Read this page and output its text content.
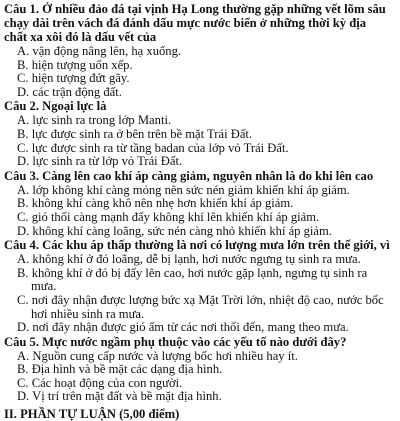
Câu 1. Ở nhiều đảo đá tại vịnh Hạ Long thường gặp những vết lõm sâu chạy dài trên vách đá đánh dấu mực nước biển ở những thời kỳ địa chất xa xôi đó là dấu vết của
A. vận động nâng lên, hạ xuống.
B. hiện tượng uốn xếp.
C. hiện tượng đứt gãy.
D. các trận động đất.
Câu 2. Ngoại lực là
A. lực sinh ra trong lớp Manti.
B. lực được sinh ra ở bên trên bề mặt Trái Đất.
C. lực được sinh ra từ tầng badan của lớp vỏ Trái Đất.
D. lực sinh ra từ lớp vỏ Trái Đất.
Câu 3. Càng lên cao khí áp càng giảm, nguyên nhân là do khi lên cao
A. lớp không khí càng mỏng nên sức nén giảm khiến khí áp giảm.
B. không khí càng khô nên nhẹ hơn khiến khí áp giảm.
C. gió thổi càng mạnh đẩy không khí lên khiến khí áp giảm.
D. không khí càng loãng, sức nén càng nhỏ khiến khí áp giảm.
Câu 4. Các khu áp thấp thường là nơi có lượng mưa lớn trên thế giới, vì
A. không khí ở đó loãng, dễ bị lạnh, hơi nước ngưng tụ sinh ra mưa.
B. không khí ở đó bị đẩy lên cao, hơi nước gặp lạnh, ngưng tụ sinh ra mưa.
C. nơi đây nhận được lượng bức xạ Mặt Trời lớn, nhiệt độ cao, nước bốc hơi nhiều sinh ra mưa.
D. nơi đây nhận được gió ẩm từ các nơi thổi đến, mang theo mưa.
Câu 5. Mực nước ngầm phụ thuộc vào các yếu tố nào dưới đây?
A. Nguồn cung cấp nước và lượng bốc hơi nhiều hay ít.
B. Địa hình và bề mặt các dạng địa hình.
C. Các hoạt động của con người.
D. Vị trí trên mặt đất và bề mặt địa hình.
II. PHẦN TỰ LUẬN (5,00 điểm)
